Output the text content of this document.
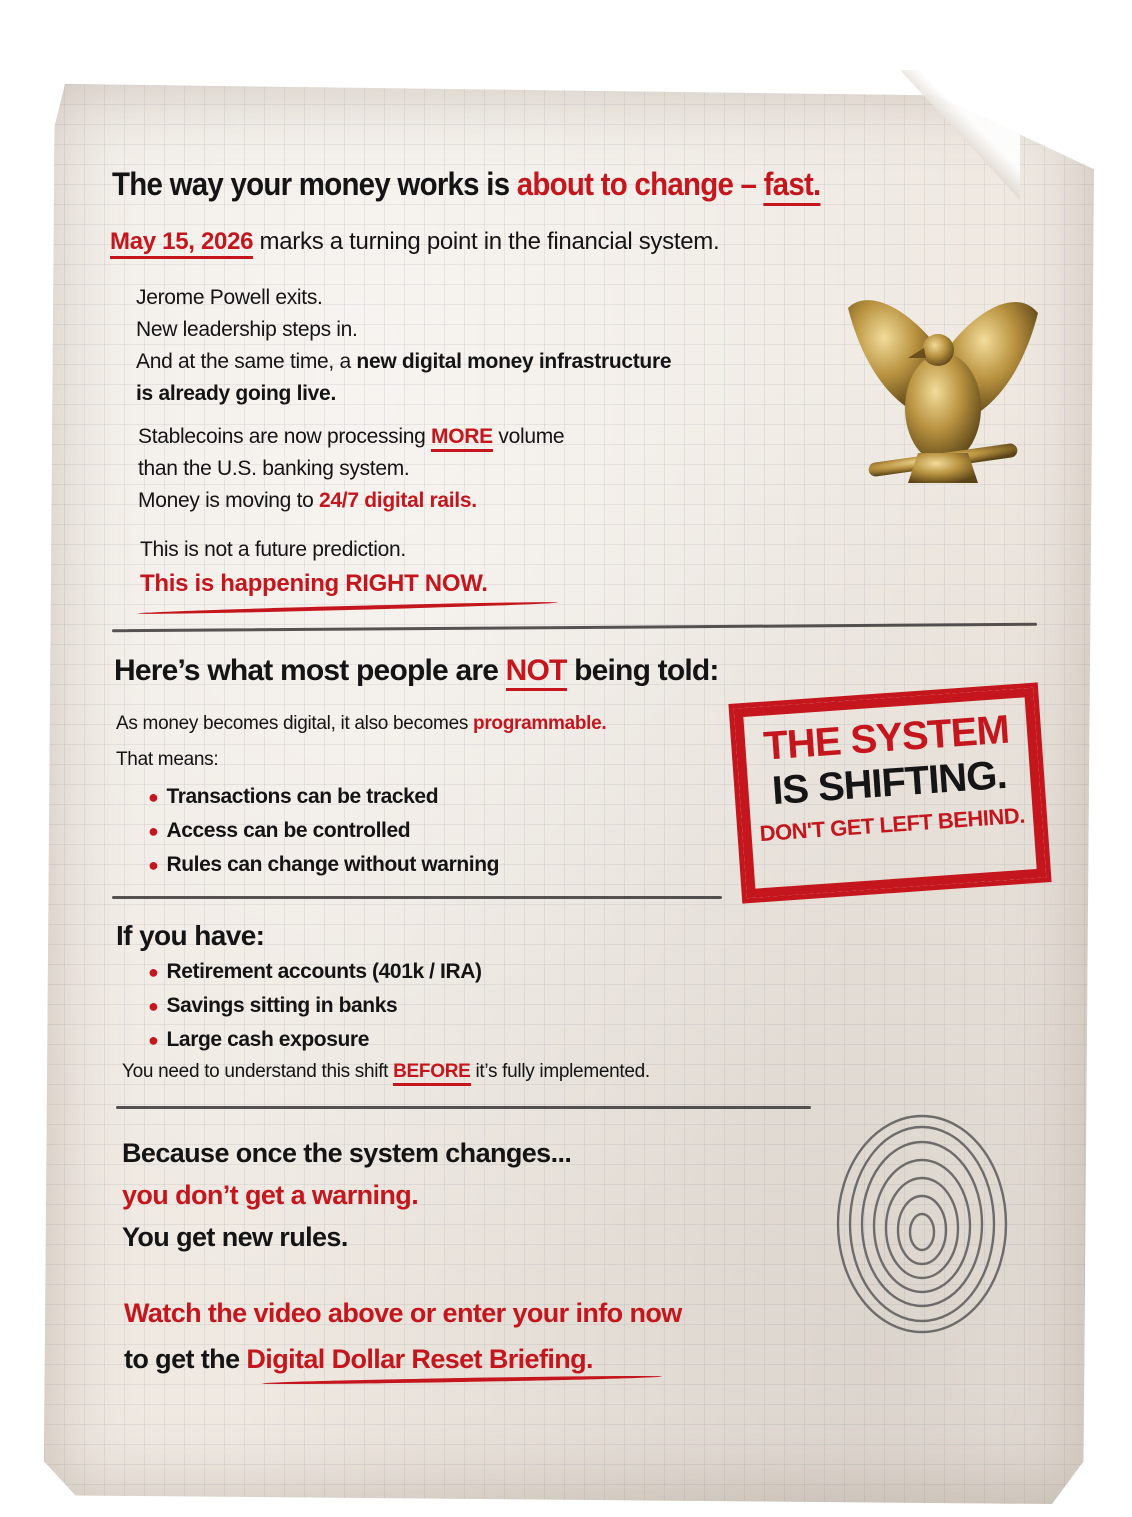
The way your money works is about to change – fast.
May 15, 2026 marks a turning point in the financial system.
Jerome Powell exits.
New leadership steps in.
And at the same time, a new digital money infrastructure
is already going live.
Stablecoins are now processing MORE volume
than the U.S. banking system.
Money is moving to 24/7 digital rails.
This is not a future prediction.
This is happening RIGHT NOW.
Here’s what most people are NOT being told:
As money becomes digital, it also becomes programmable.
That means:
● Transactions can be tracked
● Access can be controlled
● Rules can change without warning
THE SYSTEM
IS SHIFTING.
DON'T GET LEFT BEHIND.
If you have:
● Retirement accounts (401k / IRA)
● Savings sitting in banks
● Large cash exposure
You need to understand this shift BEFORE it’s fully implemented.
Because once the system changes...
you don’t get a warning.
You get new rules.
Watch the video above or enter your info now
to get the Digital Dollar Reset Briefing.
